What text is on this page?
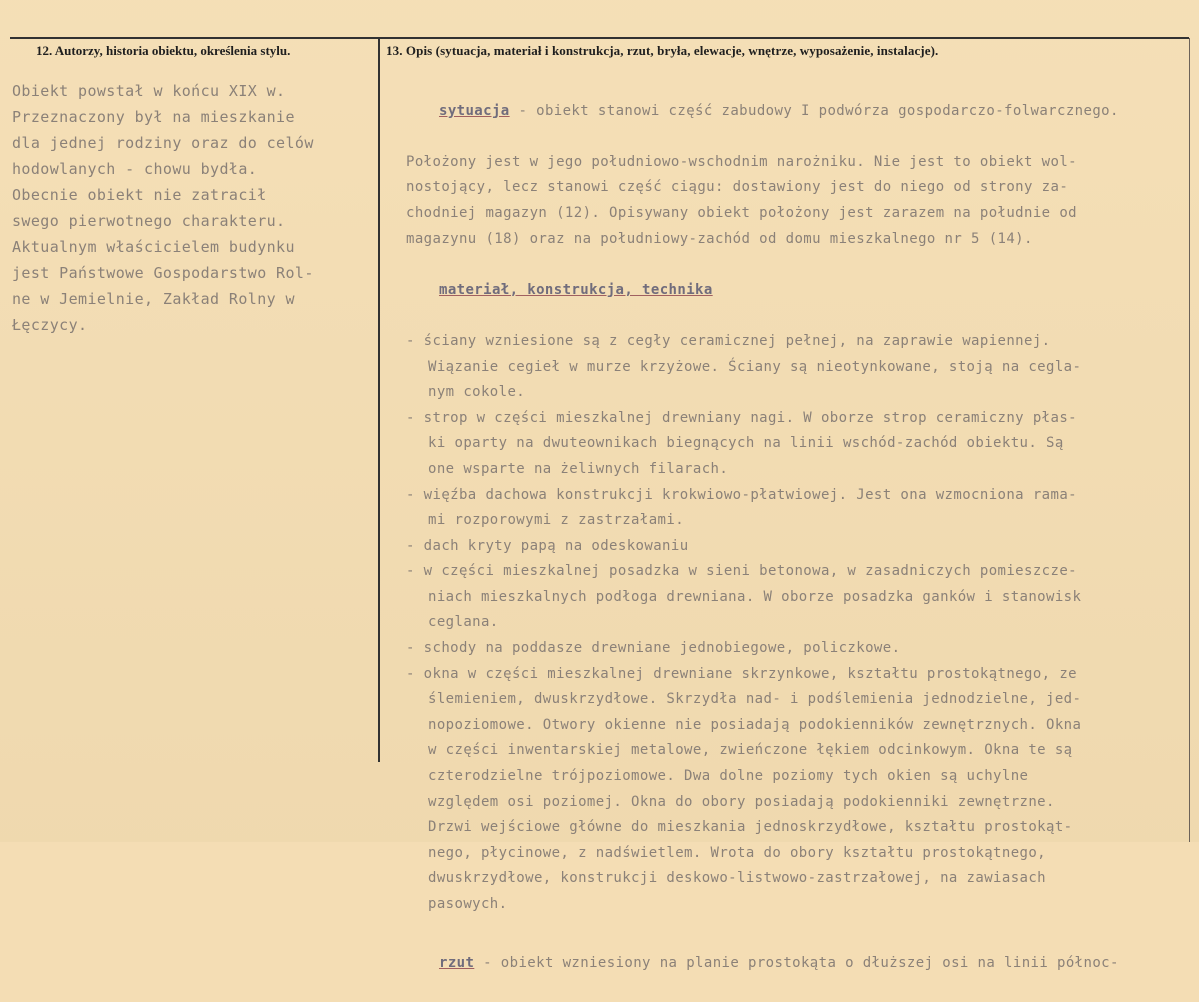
12. Autorzy, historia obiektu, określenia stylu.	13. Opis (sytuacja, materiał i konstrukcja, rzut, bryła, elewacje, wnętrze, wyposażenie, instalacje).
Obiekt powstał w końcu XIX w.
Przeznaczony był na mieszkanie
dla jednej rodziny oraz do celów
hodowlanych - chowu bydła.
Obecnie obiekt nie zatracił
swego pierwotnego charakteru.
Aktualnym właścicielem budynku
jest Państwowe Gospodarstwo Rol-
ne w Jemielnie, Zakład Rolny w
Łęczycy.

sytuacja - obiekt stanowi część zabudowy I podwórza gospodarczo-folwarcznego.

Położony jest w jego południowo-wschodnim narożniku. Nie jest to obiekt wol-
nostojący, lecz stanowi część ciągu: dostawiony jest do niego od strony za-
chodniej magazyn (12). Opisywany obiekt położony jest zarazem na południe od
magazynu (18) oraz na południowy-zachód od domu mieszkalnego nr 5 (14).

materiał, konstrukcja, technika

- ściany wzniesione są z cegły ceramicznej pełnej, na zaprawie wapiennej.
Wiązanie cegieł w murze krzyżowe. Ściany są nieotynkowane, stoją na cegla-
nym cokole.
- strop w części mieszkalnej drewniany nagi. W oborze strop ceramiczny płas-
ki oparty na dwuteownikach biegnących na linii wschód-zachód obiektu. Są
one wsparte na żeliwnych filarach.
- więźba dachowa konstrukcji krokwiowo-płatwiowej. Jest ona wzmocniona rama-
mi rozporowymi z zastrzałami.
- dach kryty papą na odeskowaniu
- w części mieszkalnej posadzka w sieni betonowa, w zasadniczych pomieszcze-
niach mieszkalnych podłoga drewniana. W oborze posadzka ganków i stanowisk
ceglana.
- schody na poddasze drewniane jednobiegowe, policzkowe.
- okna w części mieszkalnej drewniane skrzynkowe, kształtu prostokątnego, ze
ślemieniem, dwuskrzydłowe. Skrzydła nad- i podślemienia jednodzielne, jed-
nopoziomowe. Otwory okienne nie posiadają podokienników zewnętrznych. Okna
w części inwentarskiej metalowe, zwieńczone łękiem odcinkowym. Okna te są
czterodzielne trójpoziomowe. Dwa dolne poziomy tych okien są uchylne
względem osi poziomej. Okna do obory posiadają podokienniki zewnętrzne.
Drzwi wejściowe główne do mieszkania jednoskrzydłowe, kształtu prostokąt-
nego, płycinowe, z nadświetlem. Wrota do obory kształtu prostokątnego,
dwuskrzydłowe, konstrukcji deskowo-listwowo-zastrzałowej, na zawiasach
pasowych.

rzut - obiekt wzniesiony na planie prostokąta o dłuższej osi na linii północ-
